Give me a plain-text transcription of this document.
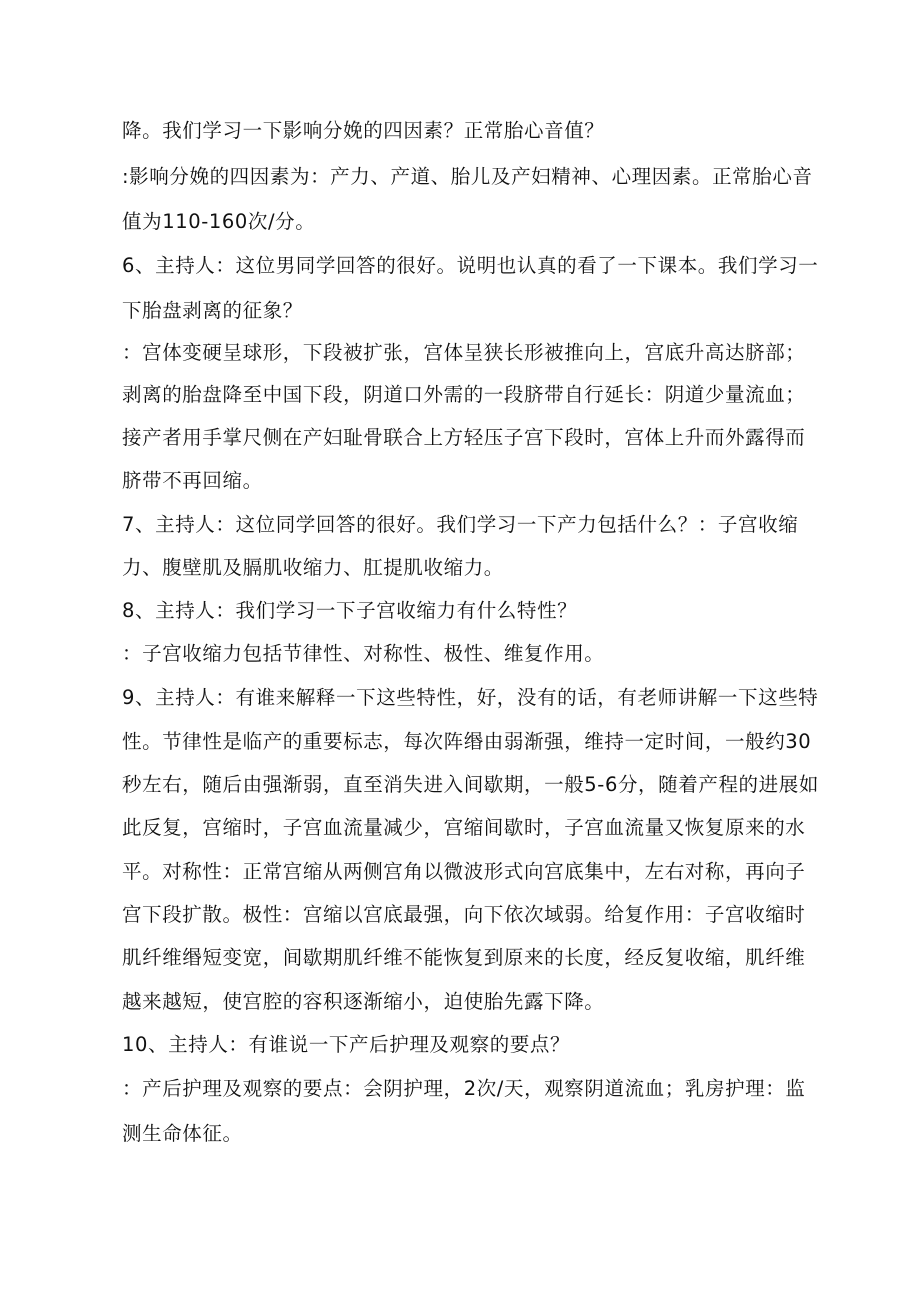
降。我们学习一下影响分娩的四因素？正常胎心音值？
:影响分娩的四因素为：产力、产道、胎儿及产妇精神、心理因素。正常胎心音
值为110-160次/分。
6、主持人：这位男同学回答的很好。说明也认真的看了一下课本。我们学习一
下胎盘剥离的征象？
：宫体变硬呈球形，下段被扩张，宫体呈狭长形被推向上，宫底升高达脐部；
剥离的胎盘降至中国下段，阴道口外需的一段脐带自行延长：阴道少量流血；
接产者用手掌尺侧在产妇耻骨联合上方轻压子宫下段时，宫体上升而外露得而
脐带不再回缩。
7、主持人：这位同学回答的很好。我们学习一下产力包括什么？：子宫收缩
力、腹壁肌及膈肌收缩力、肛提肌收缩力。
8、主持人：我们学习一下子宫收缩力有什么特性？
：子宫收缩力包括节律性、对称性、极性、维复作用。
9、主持人：有谁来解释一下这些特性，好，没有的话，有老师讲解一下这些特
性。节律性是临产的重要标志，每次阵缗由弱渐强，维持一定时间，一般约30
秒左右，随后由强渐弱，直至消失进入间歇期，一般5-6分，随着产程的进展如
此反复，宫缩时，子宫血流量减少，宫缩间歇时，子宫血流量又恢复原来的水
平。对称性：正常宫缩从两侧宫角以微波形式向宫底集中，左右对称，再向子
宫下段扩散。极性：宫缩以宫底最强，向下依次域弱。给复作用：子宫收缩时
肌纤维缗短变宽，间歇期肌纤维不能恢复到原来的长度，经反复收缩，肌纤维
越来越短，使宫腔的容积逐渐缩小，迫使胎先露下降。
10、主持人：有谁说一下产后护理及观察的要点？
：产后护理及观察的要点：会阴护理，2次/天，观察阴道流血；乳房护理：监
测生命体征。
